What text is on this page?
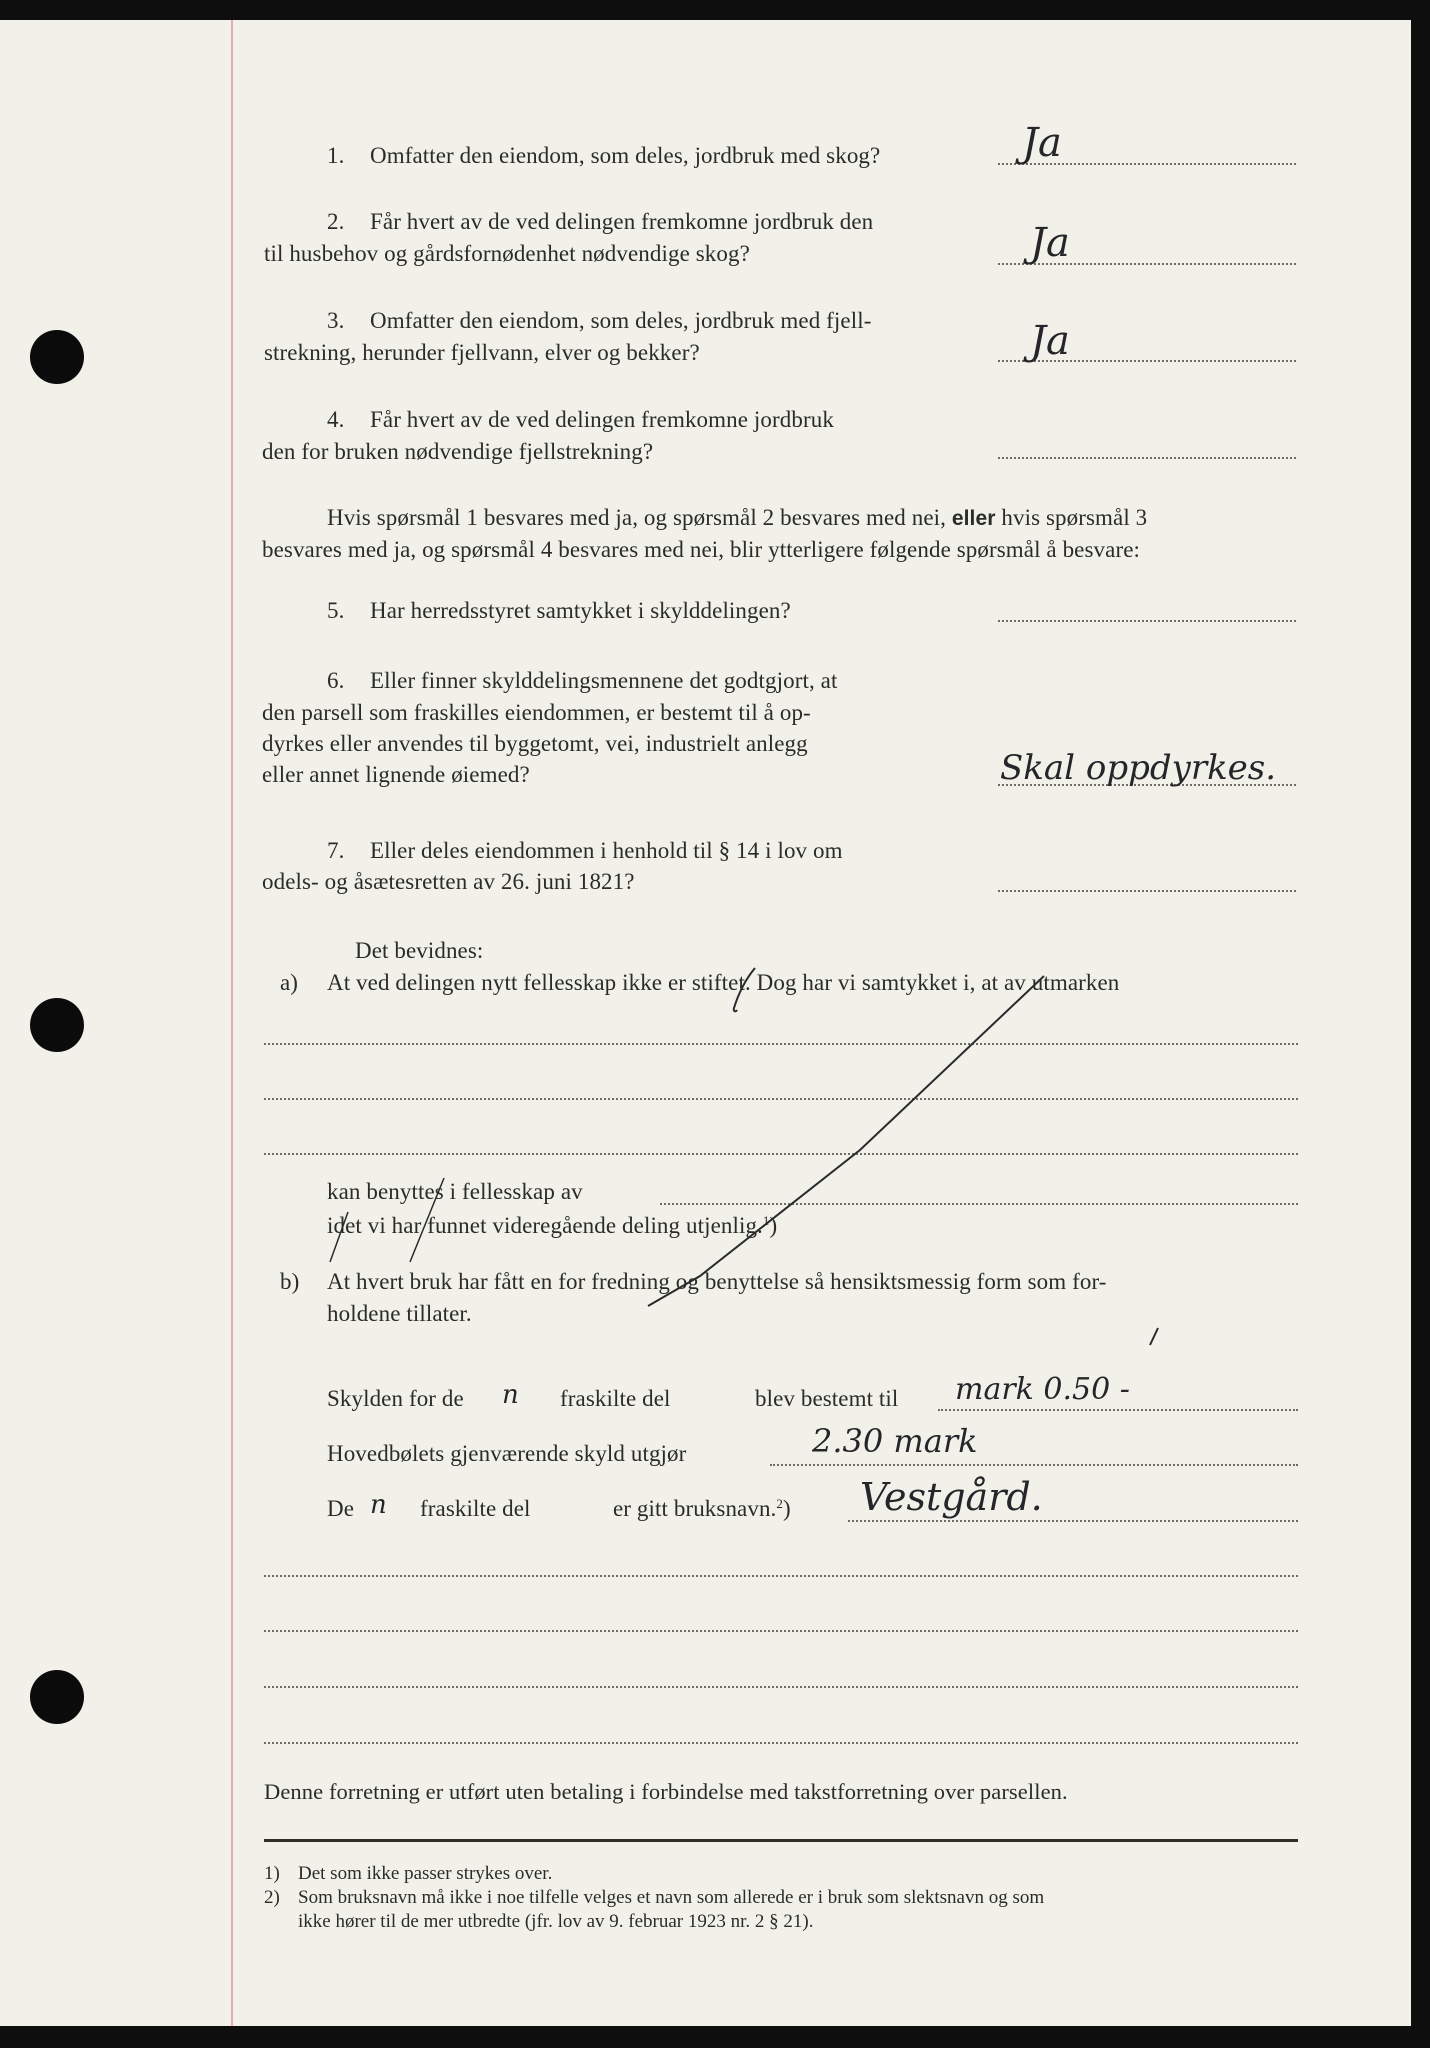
1. Omfatter den eiendom, som deles, jordbruk med skog?	Ja
2. Får hvert av de ved delingen fremkomne jordbruk den
til husbehov og gårdsfornødenhet nødvendige skog?	Ja
3. Omfatter den eiendom, som deles, jordbruk med fjell-
strekning, herunder fjellvann, elver og bekker?	Ja
4. Får hvert av de ved delingen fremkomne jordbruk
den for bruken nødvendige fjellstrekning?
Hvis spørsmål 1 besvares med ja, og spørsmål 2 besvares med nei, eller hvis spørsmål 3
besvares med ja, og spørsmål 4 besvares med nei, blir ytterligere følgende spørsmål å besvare:
5. Har herredsstyret samtykket i skylddelingen?
6. Eller finner skylddelingsmennene det godtgjort, at
den parsell som fraskilles eiendommen, er bestemt til å op-
dyrkes eller anvendes til byggetomt, vei, industrielt anlegg
eller annet lignende øiemed?	Skal oppdyrkes.
7. Eller deles eiendommen i henhold til § 14 i lov om
odels- og åsætesretten av 26. juni 1821?
Det bevidnes:
a) At ved delingen nytt fellesskap ikke er stiftet. Dog har vi samtykket i, at av utmarken
kan benyttes i fellesskap av
idet vi har funnet videregående deling utjenlig.$^1$)
b) At hvert bruk har fått en for fredning og benyttelse så hensiktsmessig form som for-
holdene tillater.
Skylden for de n fraskilte del	blev bestemt til mark 0.50 -
Hovedbølets gjenværende skyld utgjør	2.30 mark
De n fraskilte del	er gitt bruksnavn.$^2$) Vestgård.
Denne forretning er utført uten betaling i forbindelse med takstforretning over parsellen.
1) Det som ikke passer strykes over.
2) Som bruksnavn må ikke i noe tilfelle velges et navn som allerede er i bruk som slektsnavn og som
ikke hører til de mer utbredte (jfr. lov av 9. februar 1923 nr. 2 § 21).
